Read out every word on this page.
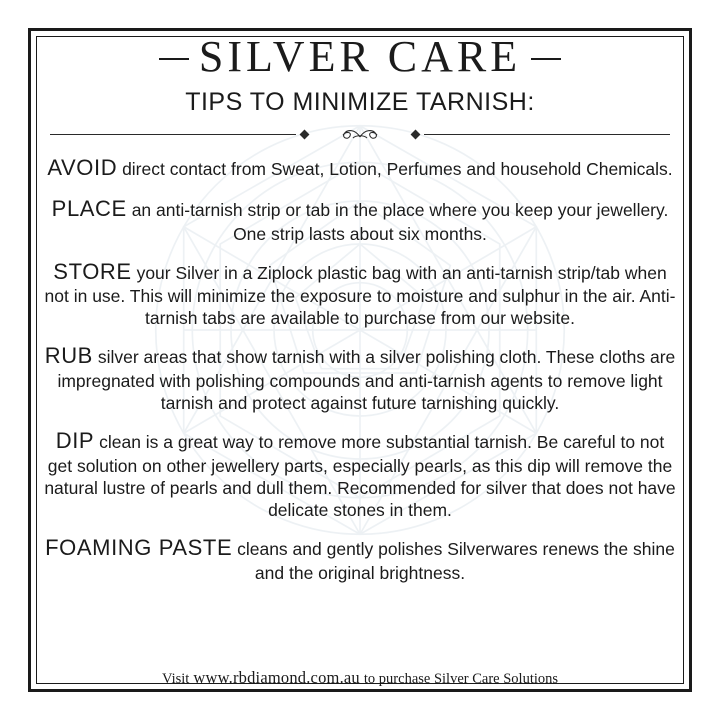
SILVER CARE
TIPS TO MINIMIZE TARNISH:
AVOID direct contact from Sweat, Lotion, Perfumes and household Chemicals.
PLACE an anti-tarnish strip or tab in the place where you keep your jewellery. One strip lasts about six months.
STORE your Silver in a Ziplock plastic bag with an anti-tarnish strip/tab when not in use. This will minimize the exposure to moisture and sulphur in the air. Anti-tarnish tabs are available to purchase from our website.
RUB silver areas that show tarnish with a silver polishing cloth. These cloths are impregnated with polishing compounds and anti-tarnish agents to remove light tarnish and protect against future tarnishing quickly.
DIP clean is a great way to remove more substantial tarnish. Be careful to not get solution on other jewellery parts, especially pearls, as this dip will remove the natural lustre of pearls and dull them. Recommended for silver that does not have delicate stones in them.
FOAMING PASTE cleans and gently polishes Silverwares renews the shine and the original brightness.
Visit www.rbdiamond.com.au to purchase Silver Care Solutions
